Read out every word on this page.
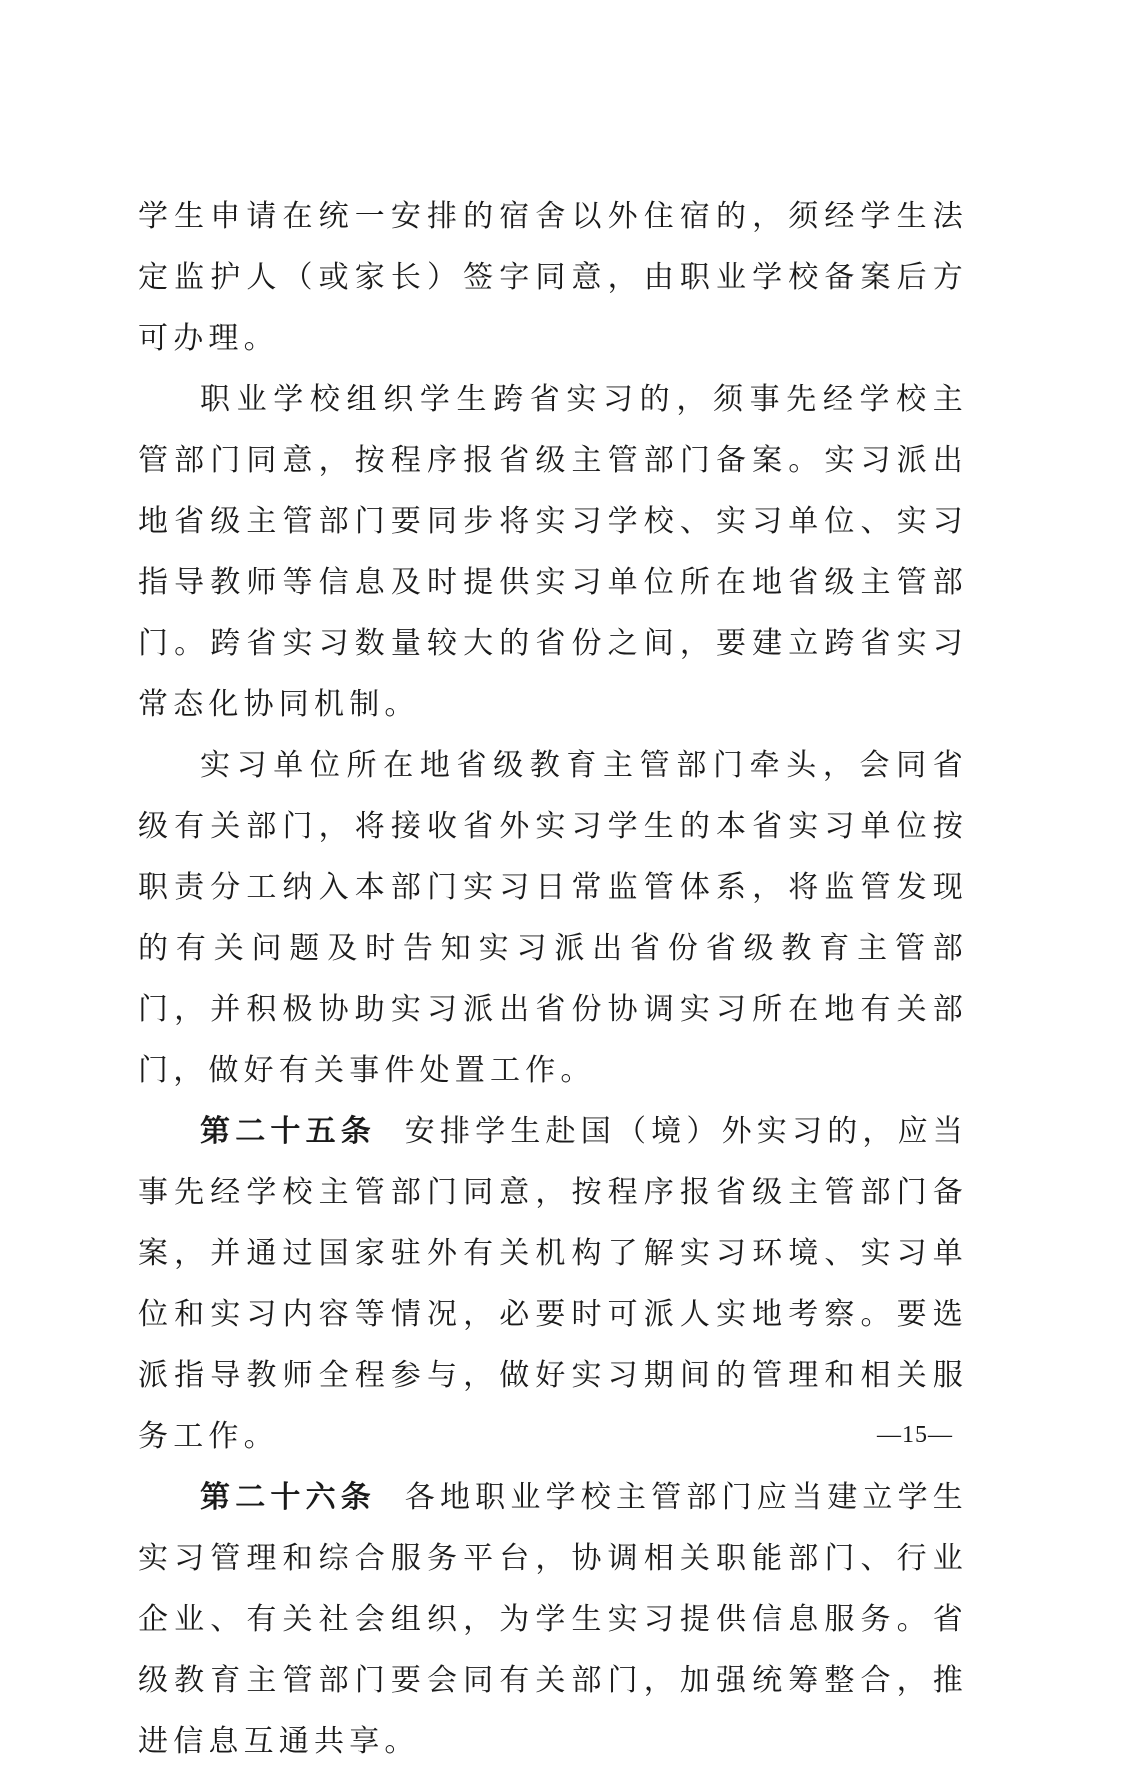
学生申请在统一安排的宿舍以外住宿的，须经学生法定监护人（或家长）签字同意，由职业学校备案后方可办理。

职业学校组织学生跨省实习的，须事先经学校主管部门同意，按程序报省级主管部门备案。实习派出地省级主管部门要同步将实习学校、实习单位、实习指导教师等信息及时提供实习单位所在地省级主管部门。跨省实习数量较大的省份之间，要建立跨省实习常态化协同机制。

实习单位所在地省级教育主管部门牵头，会同省级有关部门，将接收省外实习学生的本省实习单位按职责分工纳入本部门实习日常监管体系，将监管发现的有关问题及时告知实习派出省份省级教育主管部门，并积极协助实习派出省份协调实习所在地有关部门，做好有关事件处置工作。

第二十五条 安排学生赴国（境）外实习的，应当事先经学校主管部门同意，按程序报省级主管部门备案，并通过国家驻外有关机构了解实习环境、实习单位和实习内容等情况，必要时可派人实地考察。要选派指导教师全程参与，做好实习期间的管理和相关服务工作。

第二十六条 各地职业学校主管部门应当建立学生实习管理和综合服务平台，协调相关职能部门、行业企业、有关社会组织，为学生实习提供信息服务。省级教育主管部门要会同有关部门，加强统筹整合，推进信息互通共享。

—15—
